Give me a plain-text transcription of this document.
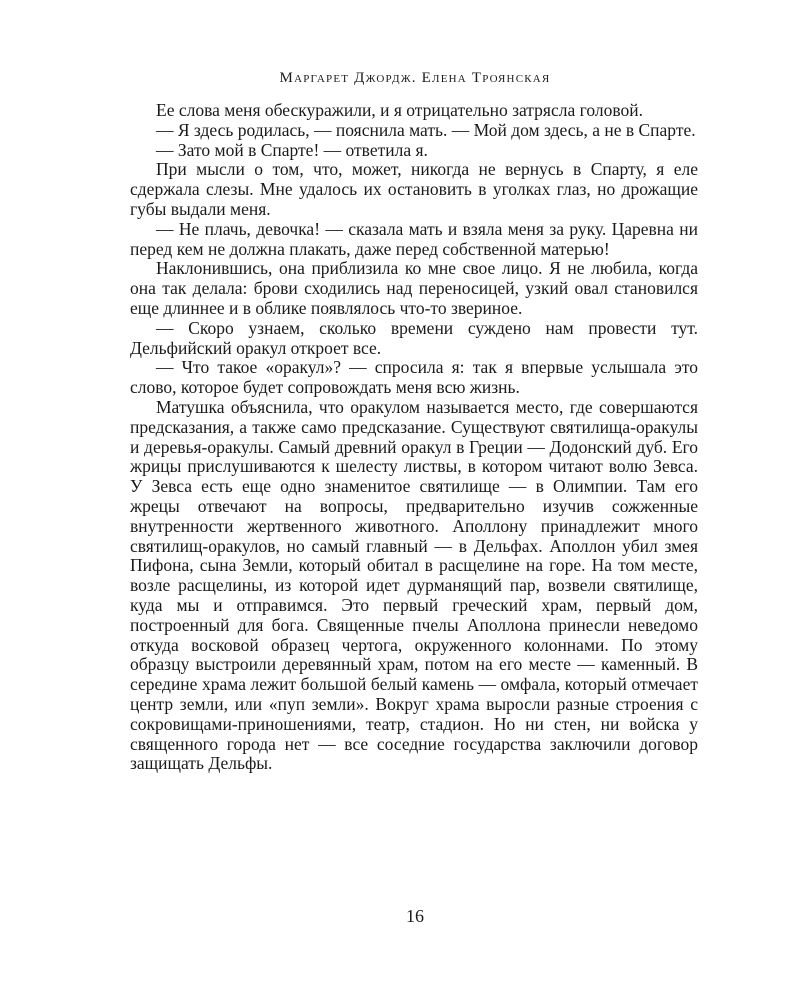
Маргарет Джордж. Елена Троянская

Ее слова меня обескуражили, и я отрицательно затрясла головой.

— Я здесь родилась, — пояснила мать. — Мой дом здесь, а не в Спарте.

— Зато мой в Спарте! — ответила я.

При мысли о том, что, может, никогда не вернусь в Спарту, я еле сдержала слезы. Мне удалось их остановить в уголках глаз, но дрожащие губы выдали меня.

— Не плачь, девочка! — сказала мать и взяла меня за руку. Царевна ни перед кем не должна плакать, даже перед собственной матерью!

Наклонившись, она приблизила ко мне свое лицо. Я не любила, когда она так делала: брови сходились над переносицей, узкий овал становился еще длиннее и в облике появлялось что-то звериное.

— Скоро узнаем, сколько времени суждено нам провести тут. Дельфийский оракул откроет все.

— Что такое «оракул»? — спросила я: так я впервые услышала это слово, которое будет сопровождать меня всю жизнь.

Матушка объяснила, что оракулом называется место, где совершаются предсказания, а также само предсказание. Существуют святилища-оракулы и деревья-оракулы. Самый древний оракул в Греции — Додонский дуб. Его жрицы прислушиваются к шелесту листвы, в котором читают волю Зевса. У Зевса есть еще одно знаменитое святилище — в Олимпии. Там его жрецы отвечают на вопросы, предварительно изучив сожженные внутренности жертвенного животного. Аполлону принадлежит много святилищ-оракулов, но самый главный — в Дельфах. Аполлон убил змея Пифона, сына Земли, который обитал в расщелине на горе. На том месте, возле расщелины, из которой идет дурманящий пар, возвели святилище, куда мы и отправимся. Это первый греческий храм, первый дом, построенный для бога. Священные пчелы Аполлона принесли неведомо откуда восковой образец чертога, окруженного колоннами. По этому образцу выстроили деревянный храм, потом на его месте — каменный. В середине храма лежит большой белый камень — омфала, который отмечает центр земли, или «пуп земли». Вокруг храма выросли разные строения с сокровищами-приношениями, театр, стадион. Но ни стен, ни войска у священного города нет — все соседние государства заключили договор защищать Дельфы.

16
